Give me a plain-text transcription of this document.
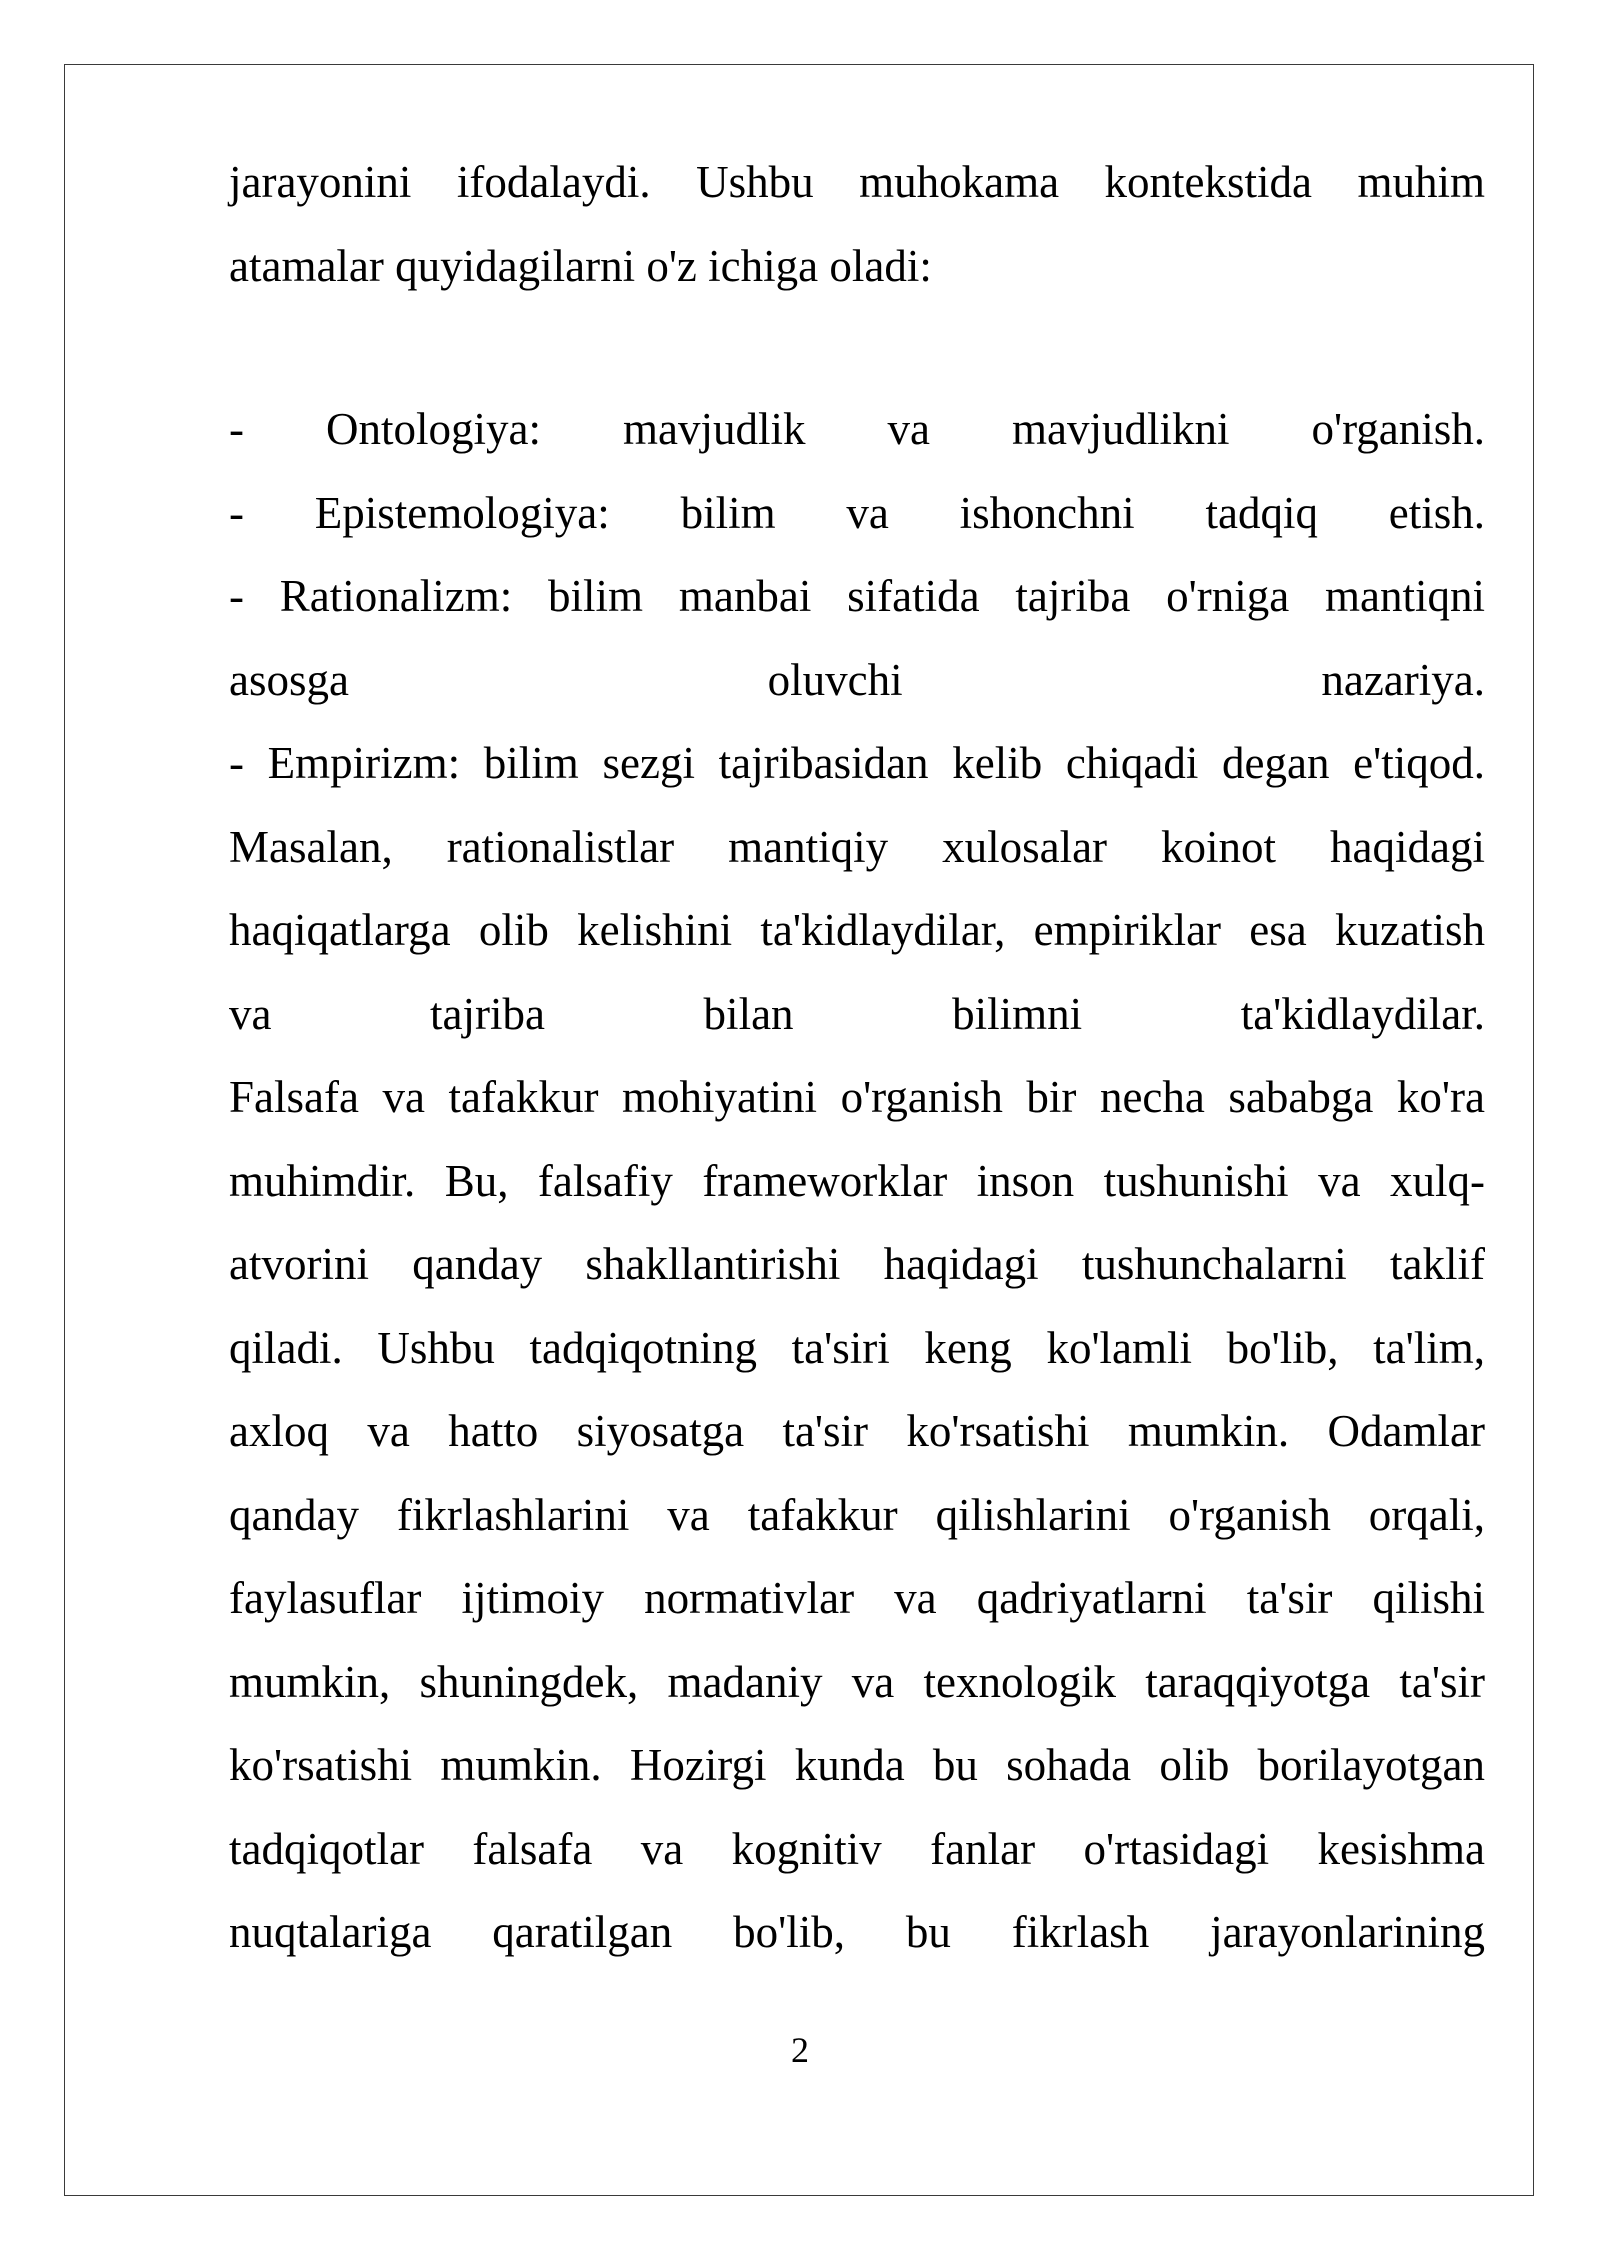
jarayonini ifodalaydi. Ushbu muhokama kontekstida muhim
atamalar quyidagilarni o'z ichiga oladi:
- Ontologiya: mavjudlik va mavjudlikni o'rganish.
- Epistemologiya: bilim va ishonchni tadqiq etish.
- Rationalizm: bilim manbai sifatida tajriba o'rniga mantiqni
asosga oluvchi nazariya.
- Empirizm: bilim sezgi tajribasidan kelib chiqadi degan e'tiqod.
Masalan, rationalistlar mantiqiy xulosalar koinot haqidagi
haqiqatlarga olib kelishini ta'kidlaydilar, empiriklar esa kuzatish
va tajriba bilan bilimni ta'kidlaydilar.
Falsafa va tafakkur mohiyatini o'rganish bir necha sababga ko'ra
muhimdir. Bu, falsafiy frameworklar inson tushunishi va xulq-
atvorini qanday shakllantirishi haqidagi tushunchalarni taklif
qiladi. Ushbu tadqiqotning ta'siri keng ko'lamli bo'lib, ta'lim,
axloq va hatto siyosatga ta'sir ko'rsatishi mumkin. Odamlar
qanday fikrlashlarini va tafakkur qilishlarini o'rganish orqali,
faylasuflar ijtimoiy normativlar va qadriyatlarni ta'sir qilishi
mumkin, shuningdek, madaniy va texnologik taraqqiyotga ta'sir
ko'rsatishi mumkin. Hozirgi kunda bu sohada olib borilayotgan
tadqiqotlar falsafa va kognitiv fanlar o'rtasidagi kesishma
nuqtalariga qaratilgan bo'lib, bu fikrlash jarayonlarining
2
